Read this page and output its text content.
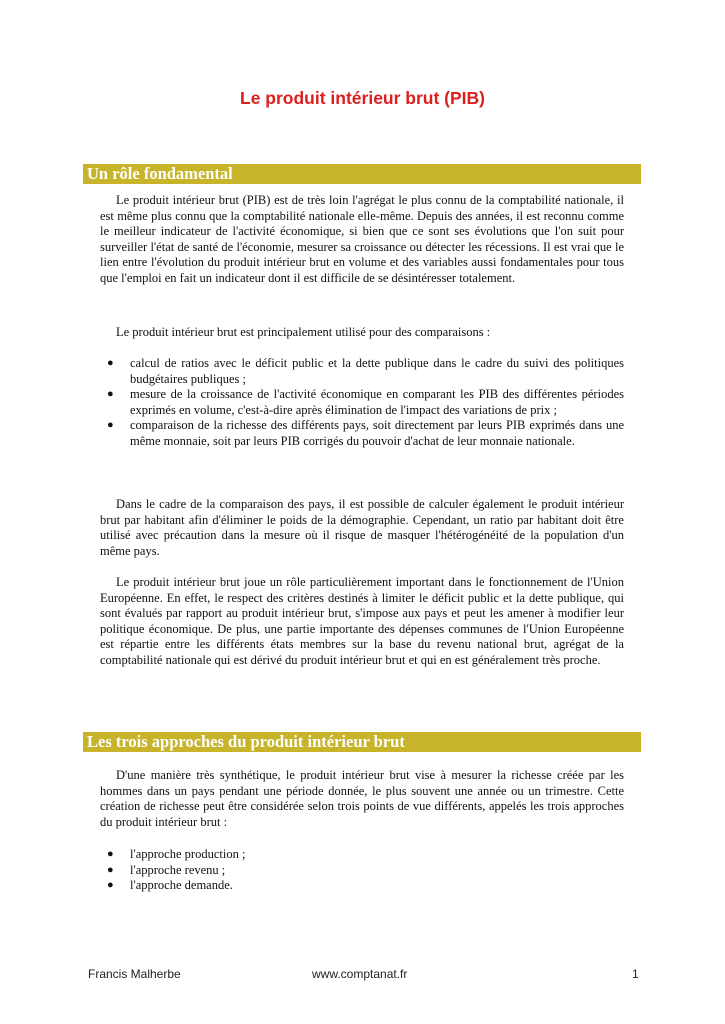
Le produit intérieur brut (PIB)
Un rôle fondamental

Le produit intérieur brut (PIB) est de très loin l'agrégat le plus connu de la comptabilité nationale, il est même plus connu que la comptabilité nationale elle-même. Depuis des années, il est reconnu comme le meilleur indicateur de l'activité économique, si bien que ce sont ses évolutions que l'on suit pour surveiller l'état de santé de l'économie, mesurer sa croissance ou détecter les récessions. Il est vrai que le lien entre l'évolution du produit intérieur brut en volume et des variables aussi fondamentales pour tous que l'emploi en fait un indicateur dont il est difficile de se désintéresser totalement.

Le produit intérieur brut est principalement utilisé pour des comparaisons :

● calcul de ratios avec le déficit public et la dette publique dans le cadre du suivi des politiques budgétaires publiques ;
● mesure de la croissance de l'activité économique en comparant les PIB des différentes périodes exprimés en volume, c'est-à-dire après élimination de l'impact des variations de prix ;
● comparaison de la richesse des différents pays, soit directement par leurs PIB exprimés dans une même monnaie, soit par leurs PIB corrigés du pouvoir d'achat de leur monnaie nationale.

Dans le cadre de la comparaison des pays, il est possible de calculer également le produit intérieur brut par habitant afin d'éliminer le poids de la démographie. Cependant, un ratio par habitant doit être utilisé avec précaution dans la mesure où il risque de masquer l'hétérogénéité de la population d'un même pays.

Le produit intérieur brut joue un rôle particulièrement important dans le fonctionnement de l'Union Européenne. En effet, le respect des critères destinés à limiter le déficit public et la dette publique, qui sont évalués par rapport au produit intérieur brut, s'impose aux pays et peut les amener à modifier leur politique économique. De plus, une partie importante des dépenses communes de l'Union Européenne est répartie entre les différents états membres sur la base du revenu national brut, agrégat de la comptabilité nationale qui est dérivé du produit intérieur brut et qui en est généralement très proche.

Les trois approches du produit intérieur brut

D'une manière très synthétique, le produit intérieur brut vise à mesurer la richesse créée par les hommes dans un pays pendant une période donnée, le plus souvent une année ou un trimestre. Cette création de richesse peut être considérée selon trois points de vue différents, appelés les trois approches du produit intérieur brut :

● l'approche production ;
● l'approche revenu ;
● l'approche demande.
Francis Malherbe	www.comptanat.fr	1
